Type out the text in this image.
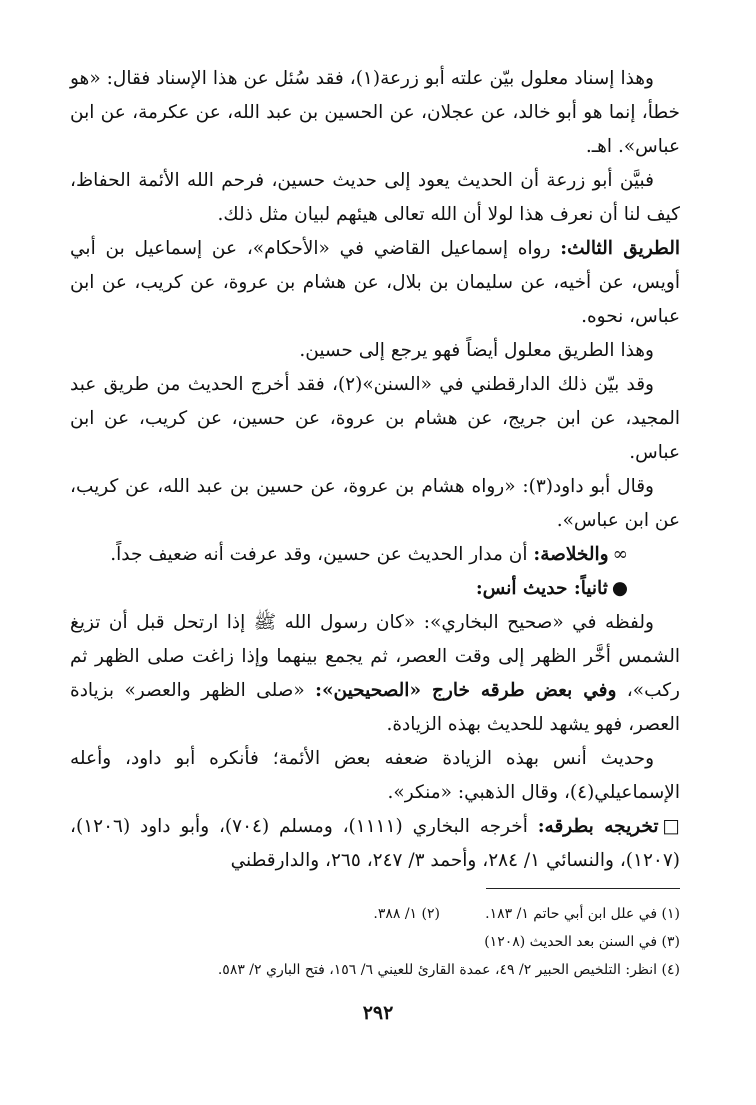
وهذا إسناد معلول بيّن علته أبو زرعة(١)، فقد سُئل عن هذا الإسناد فقال: «هو خطأ، إنما هو أبو خالد، عن عجلان، عن الحسين بن عبد الله، عن عكرمة، عن ابن عباس». اهـ.

فبيَّن أبو زرعة أن الحديث يعود إلى حديث حسين، فرحم الله الأئمة الحفاظ، كيف لنا أن نعرف هذا لولا أن الله تعالى هيئهم لبيان مثل ذلك.

الطريق الثالث: رواه إسماعيل القاضي في «الأحكام»، عن إسماعيل بن أبي أويس، عن أخيه، عن سليمان بن بلال، عن هشام بن عروة، عن كريب، عن ابن عباس، نحوه.

وهذا الطريق معلول أيضاً فهو يرجع إلى حسين.

وقد بيّن ذلك الدارقطني في «السنن»(٢)، فقد أخرج الحديث من طريق عبد المجيد، عن ابن جريج، عن هشام بن عروة، عن حسين، عن كريب، عن ابن عباس.

وقال أبو داود(٣): «رواه هشام بن عروة، عن حسين بن عبد الله، عن كريب، عن ابن عباس».

∞والخلاصة: أن مدار الحديث عن حسين، وقد عرفت أنه ضعيف جداً.

●ثانياً: حديث أنس:

ولفظه في «صحيح البخاري»: «كان رسول الله ﷺ إذا ارتحل قبل أن تزيغ الشمس أخَّر الظهر إلى وقت العصر، ثم يجمع بينهما وإذا زاغت صلى الظهر ثم ركب»، وفي بعض طرقه خارج «الصحيحين»: «صلى الظهر والعصر» بزيادة العصر، فهو يشهد للحديث بهذه الزيادة.

وحديث أنس بهذه الزيادة ضعفه بعض الأئمة؛ فأنكره أبو داود، وأعله الإسماعيلي(٤)، وقال الذهبي: «منكر».

□تخريجه بطرقه: أخرجه البخاري (١١١١)، ومسلم (٧٠٤)، وأبو داود (١٢٠٦)، (١٢٠٧)، والنسائي ١/ ٢٨٤، وأحمد ٣/ ٢٤٧، ٢٦٥، والدارقطني

(١) في علل ابن أبي حاتم ١/ ١٨٣.
(٢) ١/ ٣٨٨.
(٣) في السنن بعد الحديث (١٢٠٨)
(٤) انظر: التلخيص الحبير ٢/ ٤٩، عمدة القارئ للعيني ٦/ ١٥٦، فتح الباري ٢/ ٥٨٣.
٢٩٢
